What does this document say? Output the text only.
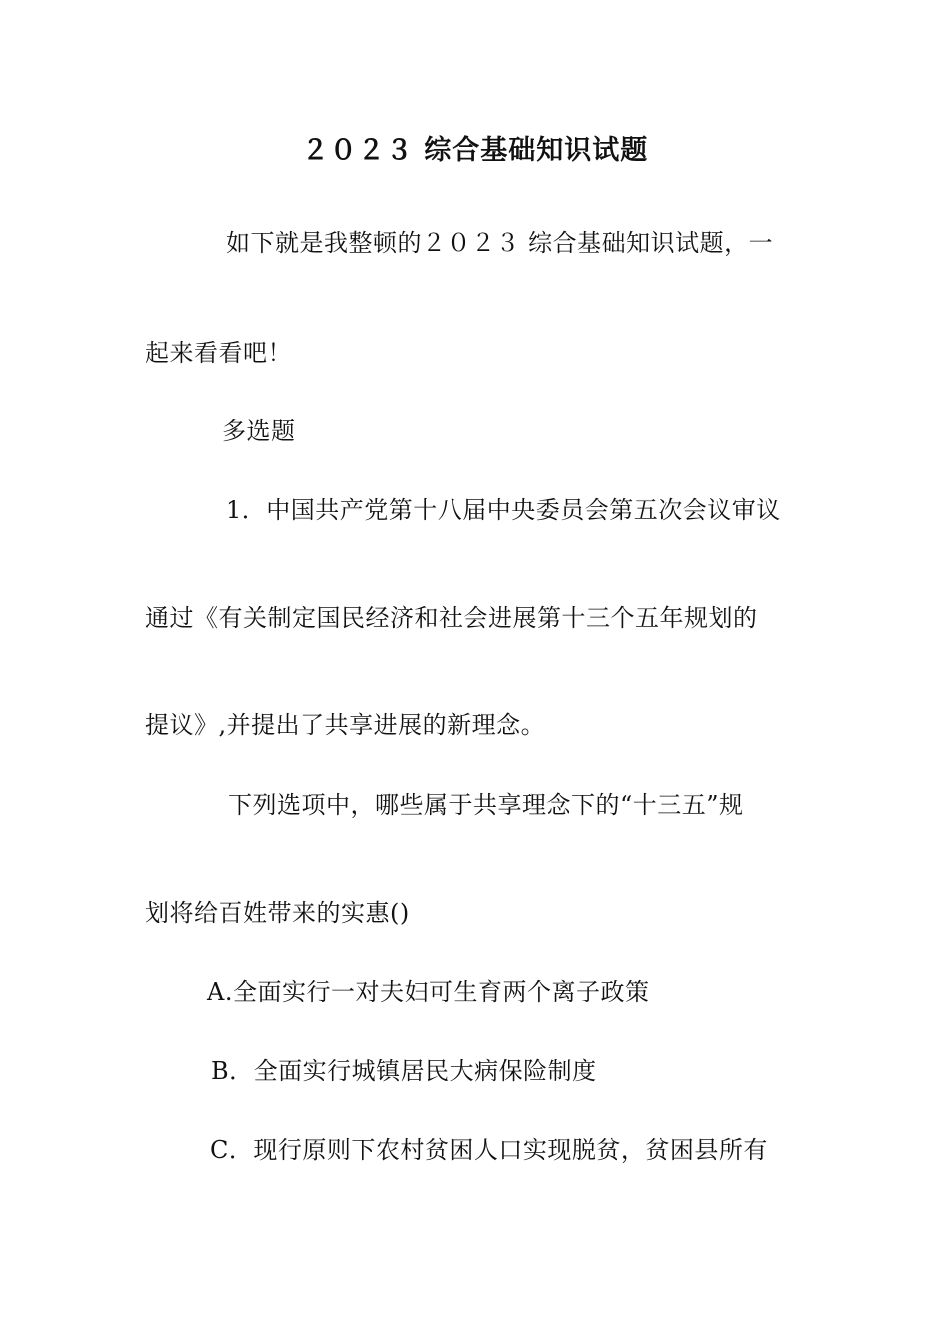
２０２３ 综合基础知识试题
如下就是我整顿的２０２３ 综合基础知识试题，一
起来看看吧！
多选题
1．中国共产党第十八届中央委员会第五次会议审议
通过《有关制定国民经济和社会进展第十三个五年规划的
提议》,并提出了共享进展的新理念。
下列选项中，哪些属于共享理念下的“十三五”规
划将给百姓带来的实惠()
A.全面实行一对夫妇可生育两个离子政策
B．全面实行城镇居民大病保险制度
C．现行原则下农村贫困人口实现脱贫，贫困县所有
